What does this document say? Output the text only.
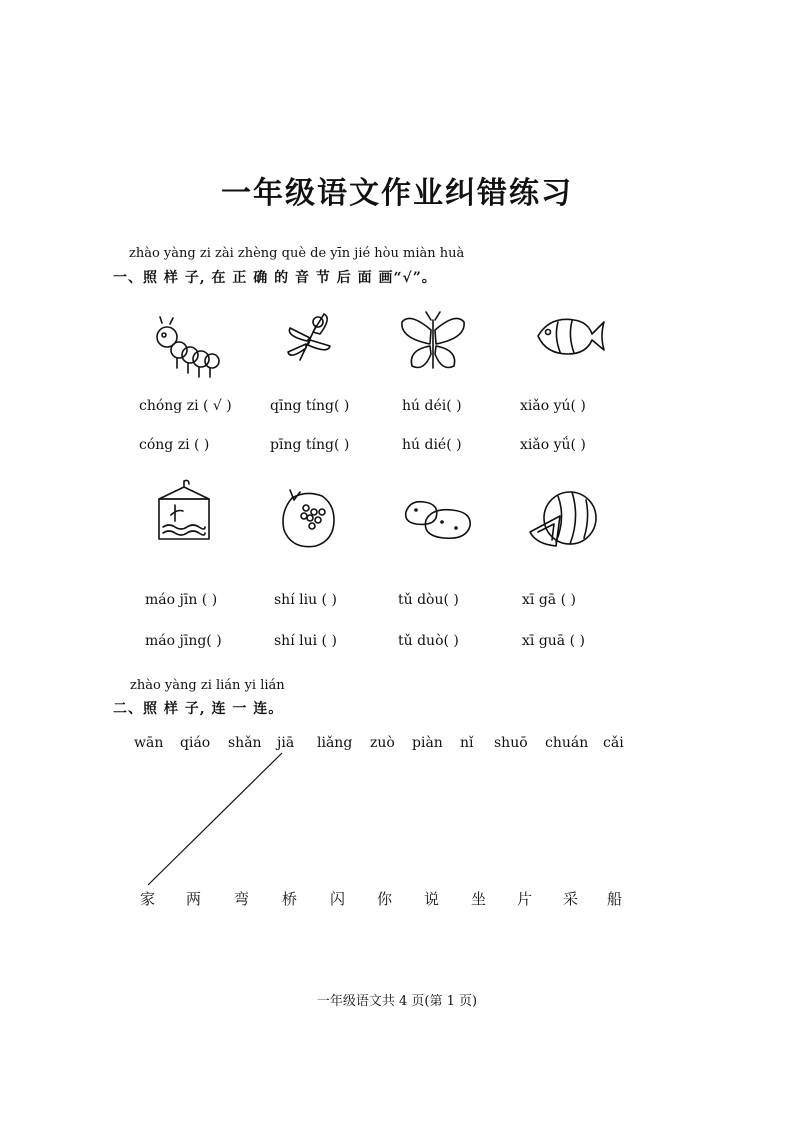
一年级语文作业纠错练习
zhào yàng zi zài zhèng què de yīn jié hòu miàn huà
一、照 样 子, 在 正 确 的 音 节 后 面 画“√”。
chóng zi ( √ )	qīng tíng( )	hú déi( )	xiǎo yú( )
cóng zi ( )	pīng tíng( )	hú dié( )	xiǎo yǘ( )
máo jīn ( )	shí liu ( )	tǔ dòu( )	xī gā ( )
máo jīng( )	shí lui ( )	tǔ duò( )	xī guā ( )
zhào yàng zi lián yi lián
二、照 样 子, 连 一 连。
wān qiáo shǎn jiā liǎng zuò piàn nǐ shuō chuán cǎi
家 两 弯 桥 闪 你 说 坐 片 采 船
一年级语文共 4 页(第 1 页)
